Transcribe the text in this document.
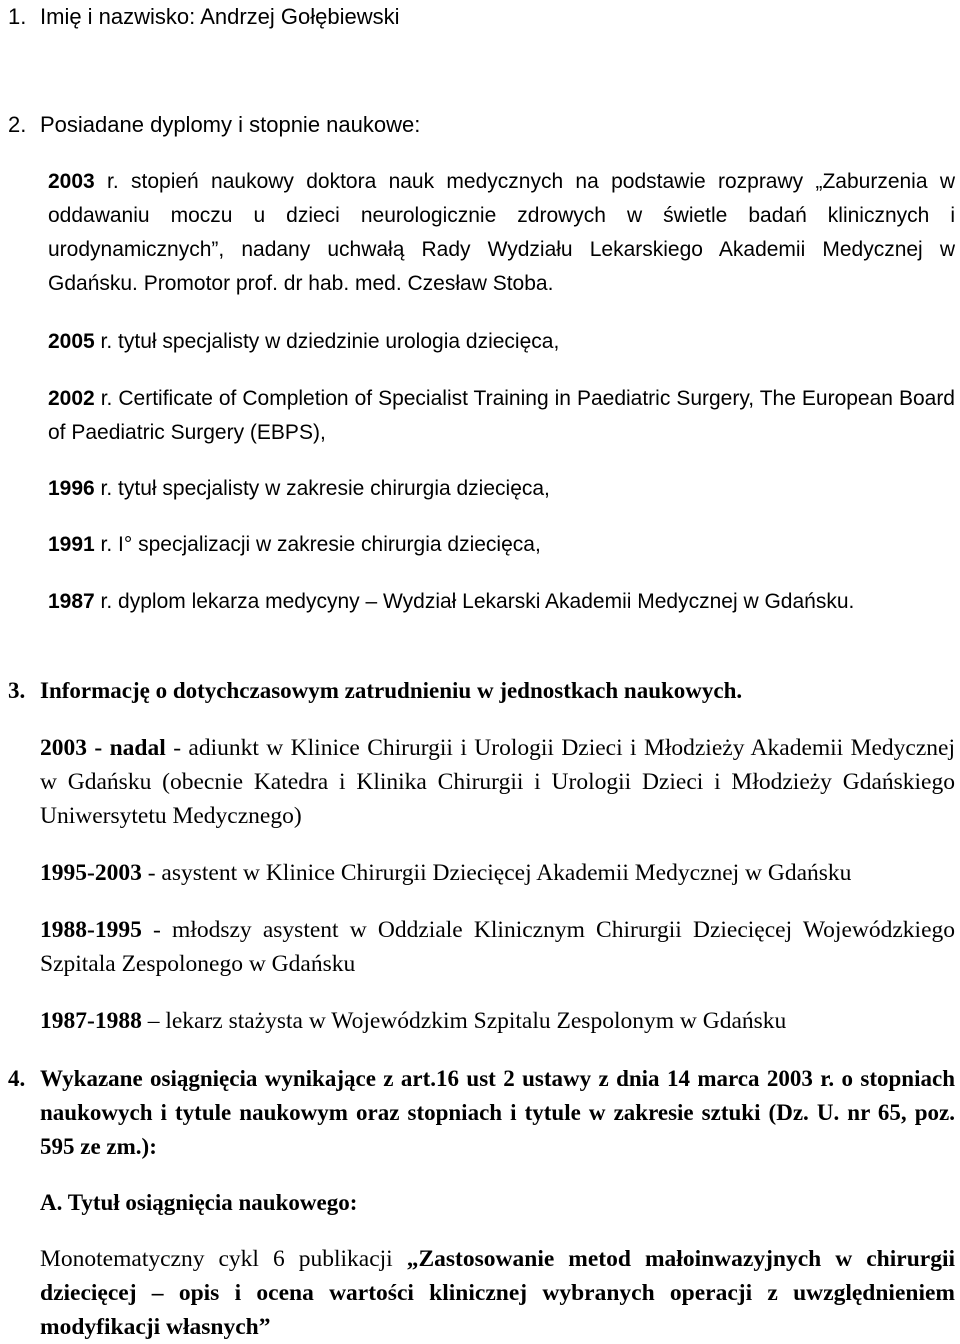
1. Imię i nazwisko: Andrzej Gołębiewski

2. Posiadane dyplomy i stopnie naukowe:

2003 r. stopień naukowy doktora nauk medycznych na podstawie rozprawy „Zaburzenia w oddawaniu moczu u dzieci neurologicznie zdrowych w świetle badań klinicznych i urodynamicznych”, nadany uchwałą Rady Wydziału Lekarskiego Akademii Medycznej w Gdańsku. Promotor prof. dr hab. med. Czesław Stoba.

2005 r. tytuł specjalisty w dziedzinie urologia dziecięca,

2002 r. Certificate of Completion of Specialist Training in Paediatric Surgery, The European Board of Paediatric Surgery (EBPS),

1996 r. tytuł specjalisty w zakresie chirurgia dziecięca,

1991 r. I° specjalizacji w zakresie chirurgia dziecięca,

1987 r. dyplom lekarza medycyny – Wydział Lekarski Akademii Medycznej w Gdańsku.

3. Informację o dotychczasowym zatrudnieniu w jednostkach naukowych.

2003 - nadal - adiunkt w Klinice Chirurgii i Urologii Dzieci i Młodzieży Akademii Medycznej w Gdańsku (obecnie Katedra i Klinika Chirurgii i Urologii Dzieci i Młodzieży Gdańskiego Uniwersytetu Medycznego)

1995-2003 - asystent w Klinice Chirurgii Dziecięcej Akademii Medycznej w Gdańsku

1988-1995 - młodszy asystent w Oddziale Klinicznym Chirurgii Dziecięcej Wojewódzkiego Szpitala Zespolonego w Gdańsku

1987-1988 – lekarz stażysta w Wojewódzkim Szpitalu Zespolonym w Gdańsku

4. Wykazane osiągnięcia wynikające z art.16 ust 2 ustawy z dnia 14 marca 2003 r. o stopniach naukowych i tytule naukowym oraz stopniach i tytule w zakresie sztuki (Dz. U. nr 65, poz. 595 ze zm.):

A. Tytuł osiągnięcia naukowego:

Monotematyczny cykl 6 publikacji „Zastosowanie metod małoinwazyjnych w chirurgii dziecięcej – opis i ocena wartości klinicznej wybranych operacji z uwzględnieniem modyfikacji własnych”
